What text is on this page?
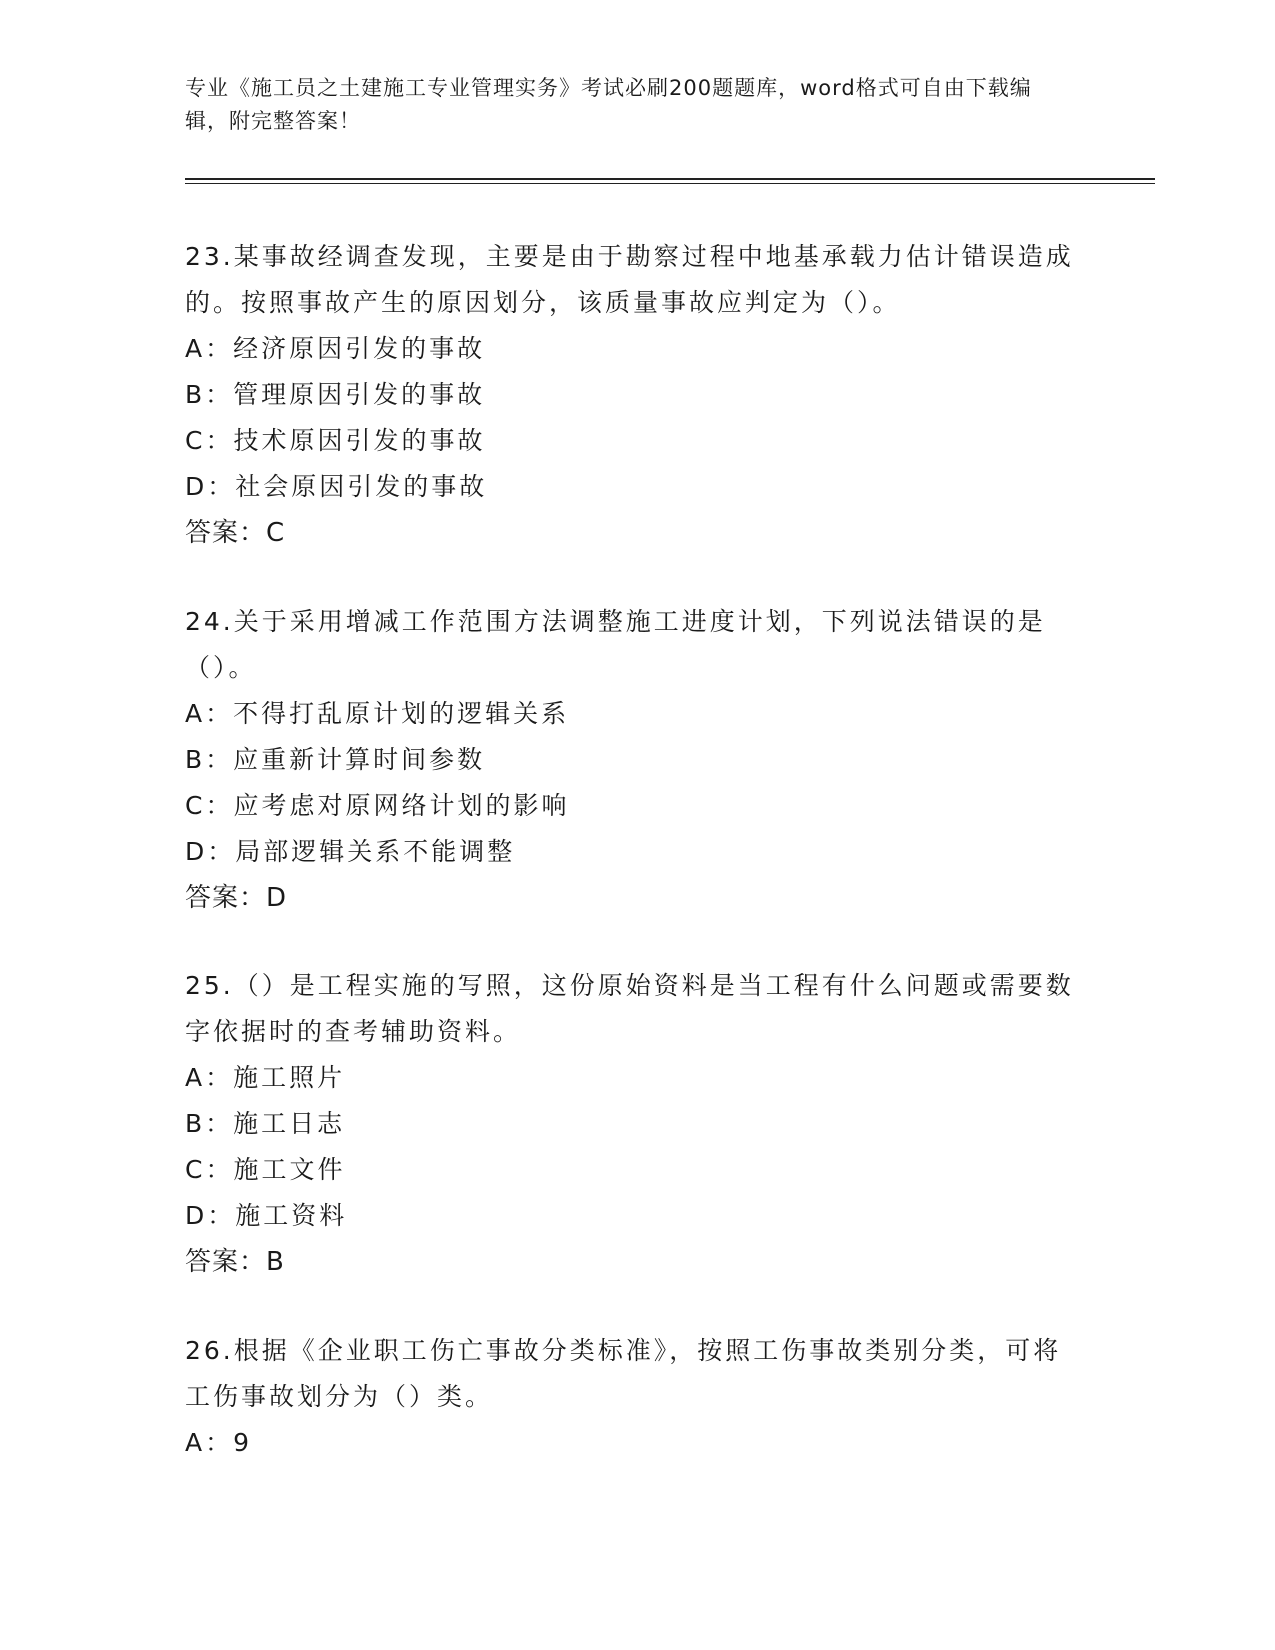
专业《施工员之土建施工专业管理实务》考试必刷200题题库，word格式可自由下载编辑，附完整答案！

23.某事故经调查发现，主要是由于勘察过程中地基承载力估计错误造成的。按照事故产生的原因划分，该质量事故应判定为（）。

A：经济原因引发的事故

B：管理原因引发的事故

C：技术原因引发的事故

D：社会原因引发的事故

答案：C

24.关于采用增减工作范围方法调整施工进度计划，下列说法错误的是（）。

A：不得打乱原计划的逻辑关系

B：应重新计算时间参数

C：应考虑对原网络计划的影响

D：局部逻辑关系不能调整

答案：D

25.（）是工程实施的写照，这份原始资料是当工程有什么问题或需要数字依据时的查考辅助资料。

A：施工照片

B：施工日志

C：施工文件

D：施工资料

答案：B

26.根据《企业职工伤亡事故分类标准》，按照工伤事故类别分类，可将工伤事故划分为（）类。

A：9
